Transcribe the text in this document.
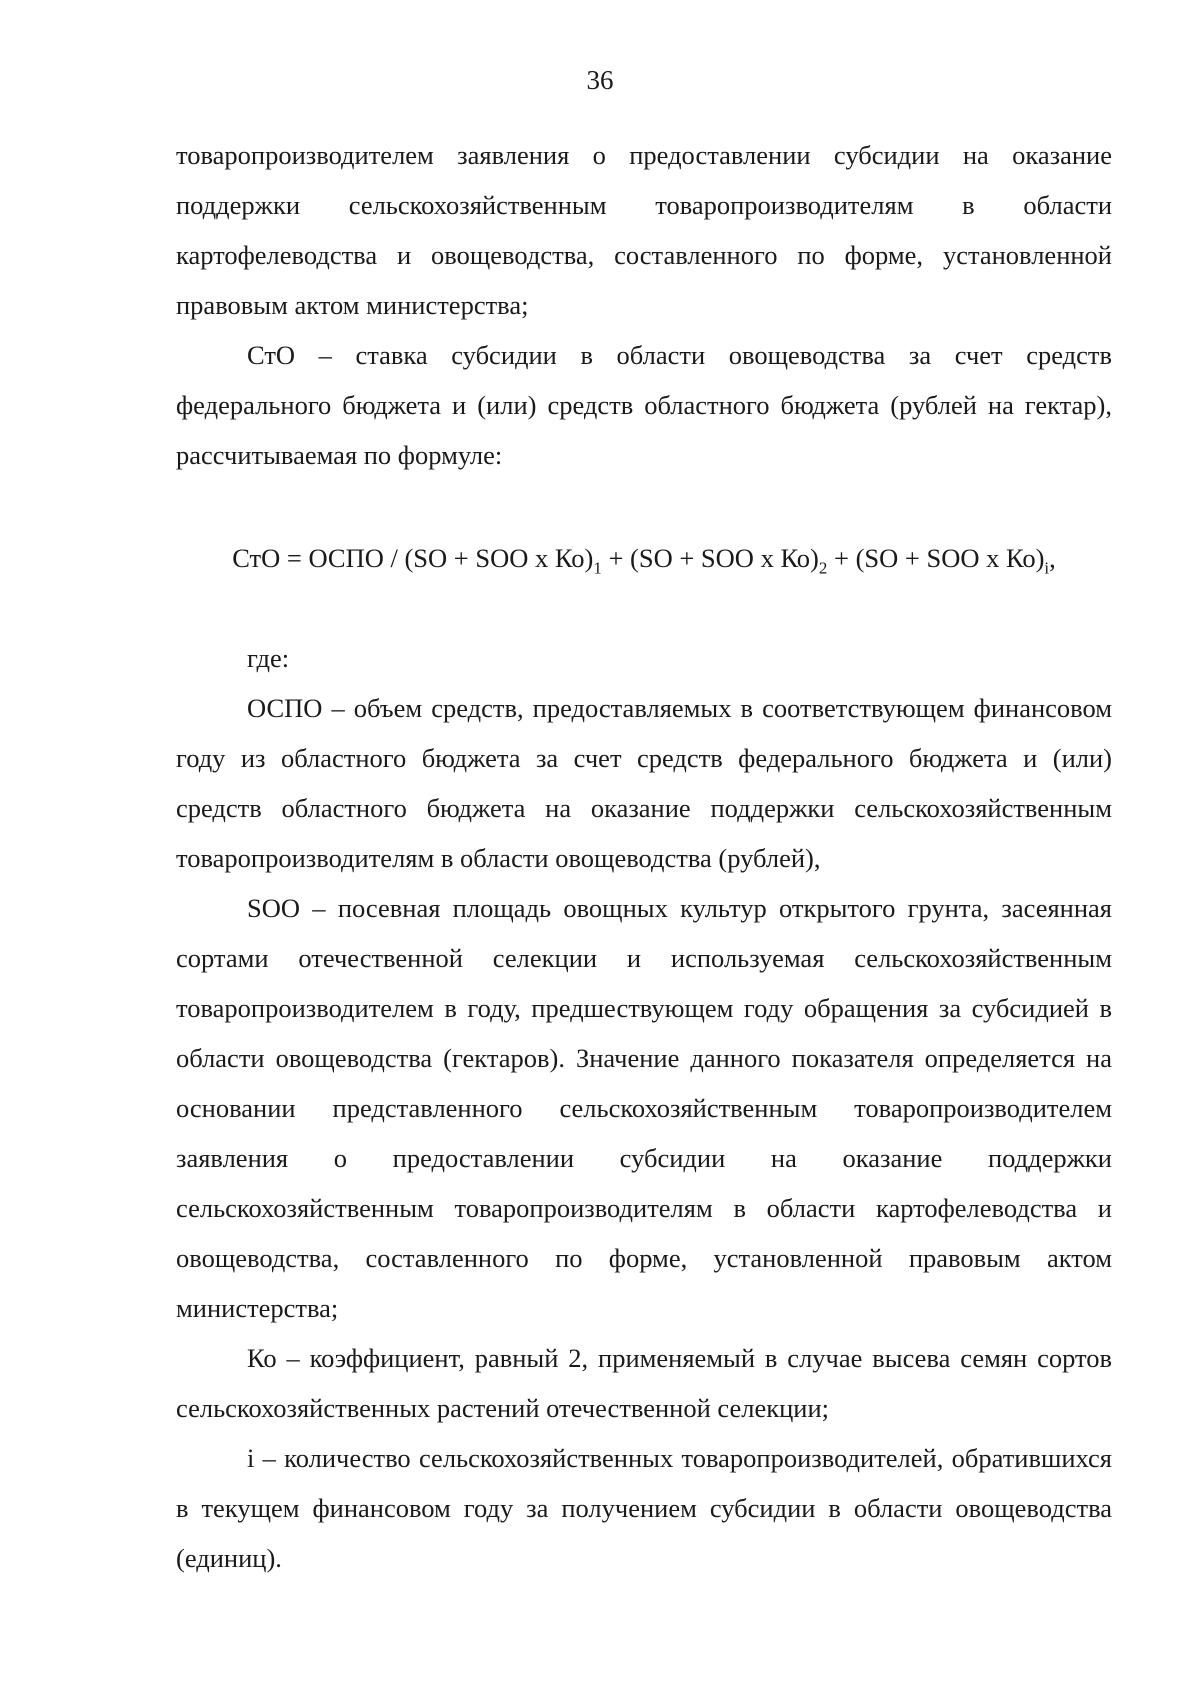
36

товаропроизводителем заявления о предоставлении субсидии на оказание поддержки сельскохозяйственным товаропроизводителям в области картофелеводства и овощеводства, составленного по форме, установленной правовым актом министерства;

СтО – ставка субсидии в области овощеводства за счет средств федерального бюджета и (или) средств областного бюджета (рублей на гектар), рассчитываемая по формуле:

СтО = ОСПО / (SO + SOO x $Ко)_1 + (SO$ + SOO x $Ко)_2 + (SO$ + SOO x $Ко)_i$,

где:

ОСПО – объем средств, предоставляемых в соответствующем финансовом году из областного бюджета за счет средств федерального бюджета и (или) средств областного бюджета на оказание поддержки сельскохозяйственным товаропроизводителям в области овощеводства (рублей),

SOO – посевная площадь овощных культур открытого грунта, засеянная сортами отечественной селекции и используемая сельскохозяйственным товаропроизводителем в году, предшествующем году обращения за субсидией в области овощеводства (гектаров). Значение данного показателя определяется на основании представленного сельскохозяйственным товаропроизводителем заявления о предоставлении субсидии на оказание поддержки сельскохозяйственным товаропроизводителям в области картофелеводства и овощеводства, составленного по форме, установленной правовым актом министерства;

Ко – коэффициент, равный 2, применяемый в случае высева семян сортов сельскохозяйственных растений отечественной селекции;

i – количество сельскохозяйственных товаропроизводителей, обратившихся в текущем финансовом году за получением субсидии в области овощеводства (единиц).
